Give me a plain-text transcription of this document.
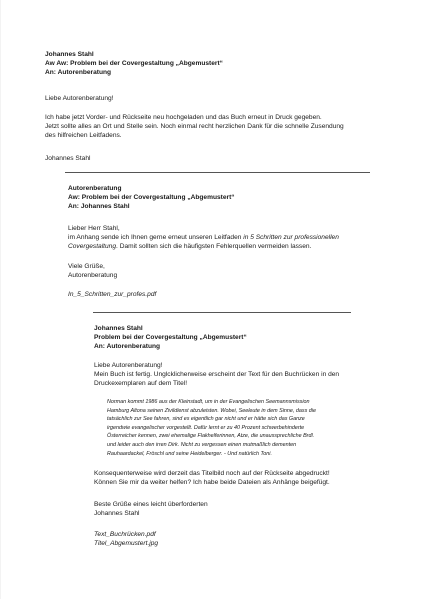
Johannes Stahl
Aw Aw: Problem bei der Covergestaltung „Abgemustert“
An: Autorenberatung
Liebe Autorenberatung!
Ich habe jetzt Vorder- und Rückseite neu hochgeladen und das Buch erneut in Druck gegeben.
Jetzt sollte alles an Ort und Stelle sein. Noch einmal recht herzlichen Dank für die schnelle Zusendung
des hilfreichen Leitfadens.
Johannes Stahl
Autorenberatung
Aw: Problem bei der Covergestaltung „Abgemustert“
An: Johannes Stahl
Lieber Herr Stahl,
im Anhang sende ich Ihnen gerne erneut unseren Leitfaden in 5 Schritten zur professionellen
Covergestaltung. Damit sollten sich die häufigsten Fehlerquellen vermeiden lassen.
Viele Grüße,
Autorenberatung
In_5_Schritten_zur_profes.pdf
Johannes Stahl
Problem bei der Covergestaltung „Abgemustert“
An: Autorenberatung
Liebe Autorenberatung!
Mein Buch ist fertig. Unglcklicherweise erscheint der Text für den Buchrücken in den
Druckexemplaren auf dem Titel!
Norman kommt 1986 aus der Kleinstadt, um in der Evangelischen Seemannsmission
Hamburg Altona seinen Zivildienst abzuleisten. Wobei, Seeleute in dem Sinne, dass die
tatsächlich zur See fahren, sind es eigentlich gar nicht und er hätte sich das Ganze
irgendwie evangelischer vorgestellt. Dafür lernt er zu 40 Prozent schwerbehinderte
Österreicher kennen, zwei ehemalige Flakhelferinnen, Atze, die unaussprechliche Brdl.
und leider auch den irren Dirk. Nicht zu vergessen einen mutmaßlich dementen
Rauhaardackel, Fröschl und seine Heidelberger. - Und natürlich Toni.
Konsequenterweise wird derzeit das Titelbild noch auf der Rückseite abgedruckt!
Können Sie mir da weiter helfen? Ich habe beide Dateien als Anhänge beigefügt.
Beste Grüße eines leicht überforderten
Johannes Stahl
Text_Buchrücken.pdf
Titel_Abgemustert.jpg
